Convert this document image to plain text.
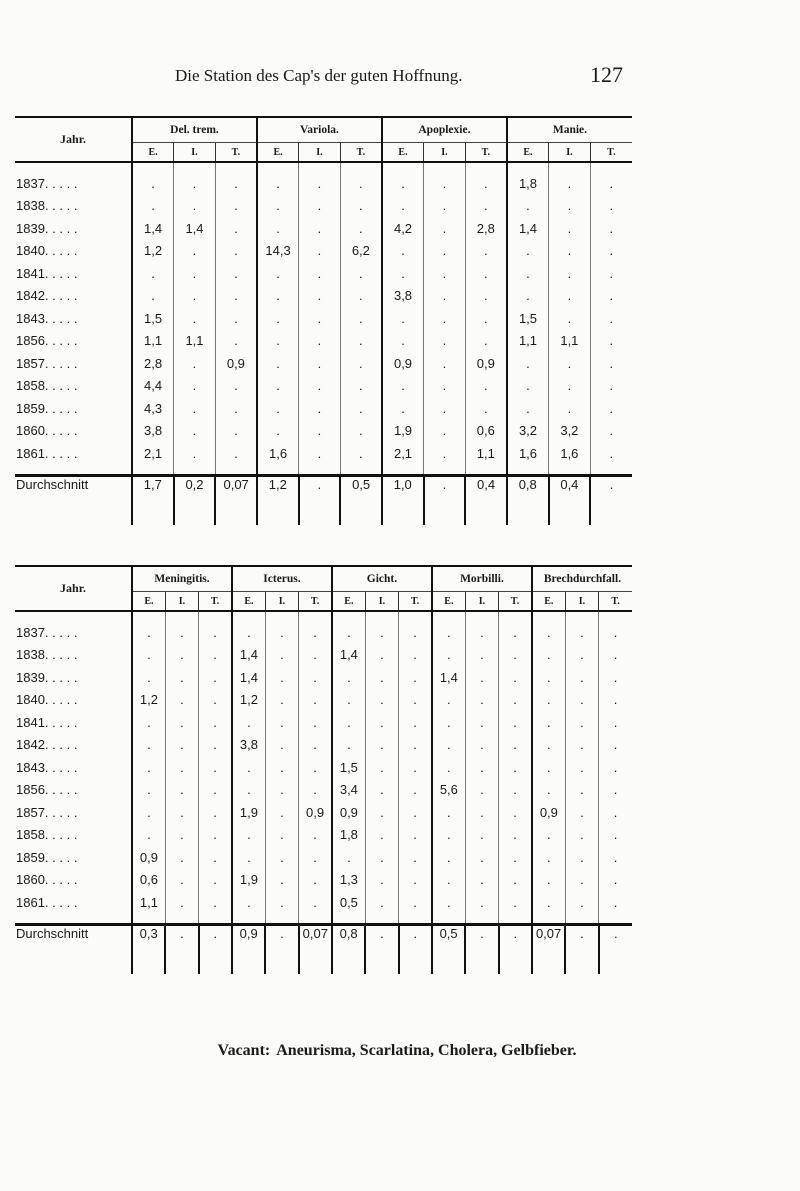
Die Station des Cap's der guten Hoffnung.	127
Jahr.	Del. trem.			Variola.			Apoplexie.			Manie.		
	E.	I.	T.	E.	I.	T.	E.	I.	T.	E.	I.	T.

1837. . . . .	.	.	.	.	.	.	.	.	.	1,8	.	.
1838. . . . .	.	.	.	.	.	.	.	.	.	.	.	.
1839. . . . .	1,4	1,4	.	.	.	.	4,2	.	2,8	1,4	.	.
1840. . . . .	1,2	.	.	14,3	.	6,2	.	.	.	.	.	.
1841. . . . .	.	.	.	.	.	.	.	.	.	.	.	.
1842. . . . .	.	.	.	.	.	.	3,8	.	.	.	.	.
1843. . . . .	1,5	.	.	.	.	.	.	.	.	1,5	.	.
1856. . . . .	1,1	1,1	.	.	.	.	.	.	.	1,1	1,1	.
1857. . . . .	2,8	.	0,9	.	.	.	0,9	.	0,9	.	.	.
1858. . . . .	4,4	.	.	.	.	.	.	.	.	.	.	.
1859. . . . .	4,3	.	.	.	.	.	.	.	.	.	.	.
1860. . . . .	3,8	.	.	.	.	.	1,9	.	0,6	3,2	3,2	.
1861. . . . .	2,1	.	.	1,6	.	.	2,1	.	1,1	1,6	1,6	.

Durchschnitt	1,7	0,2	0,07	1,2	.	0,5	1,0	.	0,4	0,8	0,4	.
Jahr.	Meningitis.			Icterus.			Gicht.			Morbilli.			Brechdurchfall.		
	E.	I.	T.	E.	I.	T.	E.	I.	T.	E.	I.	T.	E.	I.	T.

1837. . . . .	.	.	.	.	.	.	.	.	.	.	.	.	.	.	.
1838. . . . .	.	.	.	1,4	.	.	1,4	.	.	.	.	.	.	.	.
1839. . . . .	.	.	.	1,4	.	.	.	.	.	1,4	.	.	.	.	.
1840. . . . .	1,2	.	.	1,2	.	.	.	.	.	.	.	.	.	.	.
1841. . . . .	.	.	.	.	.	.	.	.	.	.	.	.	.	.	.
1842. . . . .	.	.	.	3,8	.	.	.	.	.	.	.	.	.	.	.
1843. . . . .	.	.	.	.	.	.	1,5	.	.	.	.	.	.	.	.
1856. . . . .	.	.	.	.	.	.	3,4	.	.	5,6	.	.	.	.	.
1857. . . . .	.	.	.	1,9	.	0,9	0,9	.	.	.	.	.	0,9	.	.
1858. . . . .	.	.	.	.	.	.	1,8	.	.	.	.	.	.	.	.
1859. . . . .	0,9	.	.	.	.	.	.	.	.	.	.	.	.	.	.
1860. . . . .	0,6	.	.	1,9	.	.	1,3	.	.	.	.	.	.	.	.
1861. . . . .	1,1	.	.	.	.	.	0,5	.	.	.	.	.	.	.	.

Durchschnitt	0,3	.	.	0,9	.	0,07	0,8	.	.	0,5	.	.	0,07	.	.
Vacant: Aneurisma, Scarlatina, Cholera, Gelbfieber.
